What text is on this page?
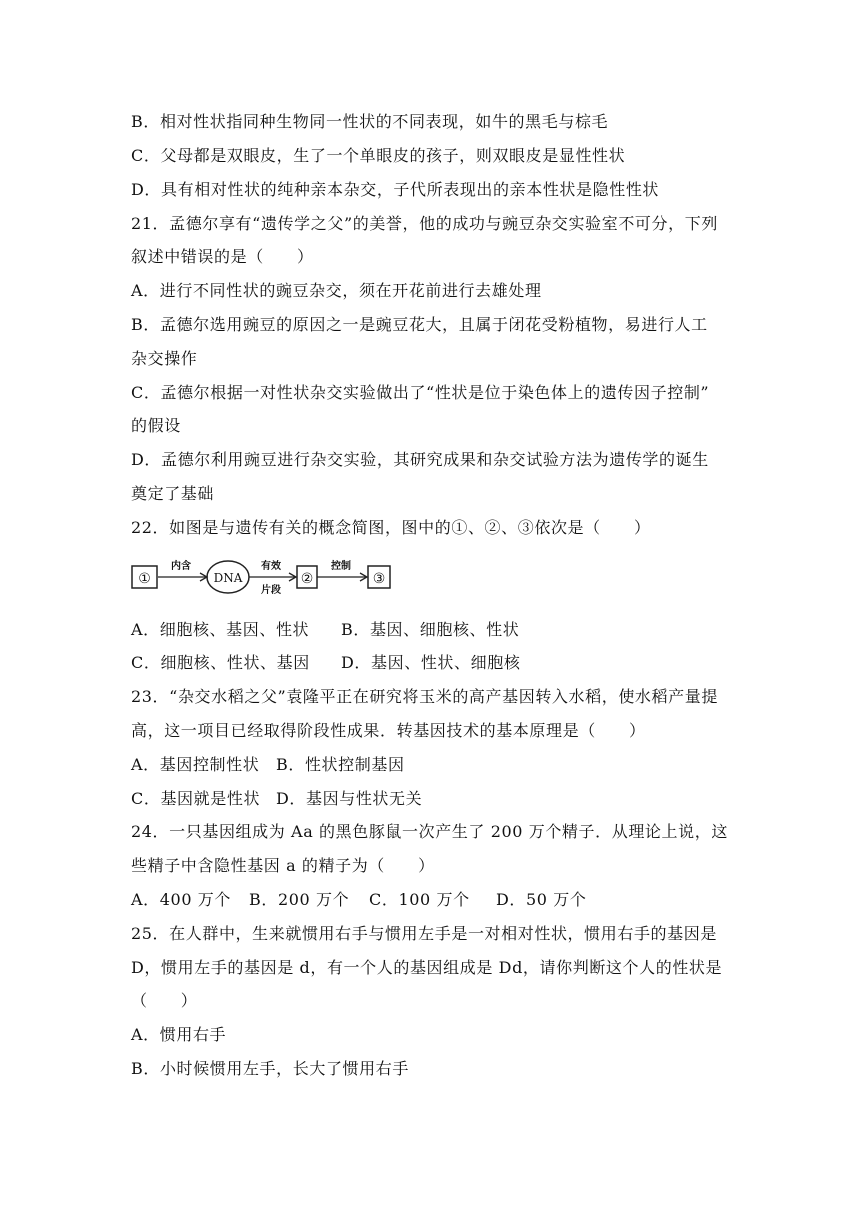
B．相对性状指同种生物同一性状的不同表现，如牛的黑毛与棕毛
C．父母都是双眼皮，生了一个单眼皮的孩子，则双眼皮是显性性状
D．具有相对性状的纯种亲本杂交，子代所表现出的亲本性状是隐性性状
21．孟德尔享有“遗传学之父”的美誉，他的成功与豌豆杂交实验室不可分，下列
叙述中错误的是（　　）
A．进行不同性状的豌豆杂交，须在开花前进行去雄处理
B．孟德尔选用豌豆的原因之一是豌豆花大，且属于闭花受粉植物，易进行人工
杂交操作
C．孟德尔根据一对性状杂交实验做出了“性状是位于染色体上的遗传因子控制”
的假设
D．孟德尔利用豌豆进行杂交实验，其研究成果和杂交试验方法为遗传学的诞生
奠定了基础
22．如图是与遗传有关的概念简图，图中的①、②、③依次是（　　）
①
内含
DNA
有效
片段
②
控制
③
A．细胞核、基因、性状 B．基因、细胞核、性状
C．细胞核、性状、基因 D．基因、性状、细胞核
23．“杂交水稻之父”袁隆平正在研究将玉米的高产基因转入水稻，使水稻产量提
高，这一项目已经取得阶段性成果．转基因技术的基本原理是（　　）
A．基因控制性状 B．性状控制基因
C．基因就是性状 D．基因与性状无关
24．一只基因组成为 Aa 的黑色豚鼠一次产生了 200 万个精子．从理论上说，这
些精子中含隐性基因 a 的精子为（　　）
A．400 万个 B．200 万个 C．100 万个 D．50 万个
25．在人群中，生来就惯用右手与惯用左手是一对相对性状，惯用右手的基因是
D，惯用左手的基因是 d，有一个人的基因组成是 Dd，请你判断这个人的性状是
（　　）
A．惯用右手
B．小时候惯用左手，长大了惯用右手
